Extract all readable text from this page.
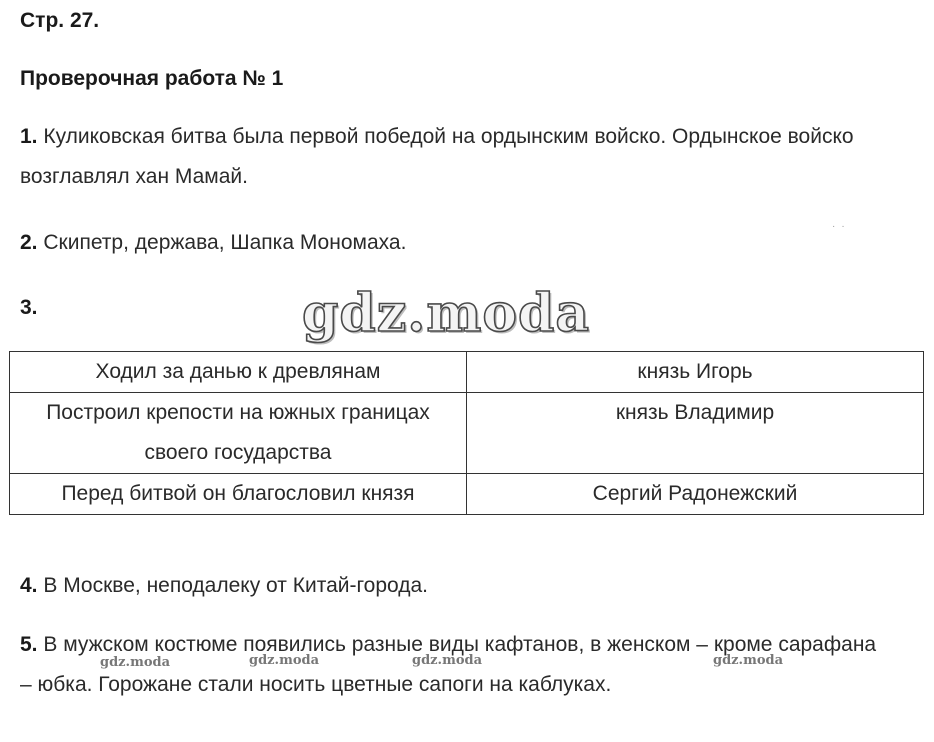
Стр. 27.
Проверочная работа № 1
1. Куликовская битва была первой победой на ордынским войско. Ордынское войско возглавлял хан Мамай.
2. Скипетр, держава, Шапка Мономаха.
··
3.	gdz.moda
Ходил за данью к древлянам	князь Игорь
Построил крепости на южных границах своего государства	князь Владимир
Перед битвой он благословил князя	Сергий Радонежский
4. В Москве, неподалеку от Китай-города.
5. В мужском костюме появились разные виды кафтанов, в женском – кроме сарафана – юбка. Горожане стали носить цветные сапоги на каблуках.
gdz.moda	gdz.moda	gdz.moda	gdz.moda
